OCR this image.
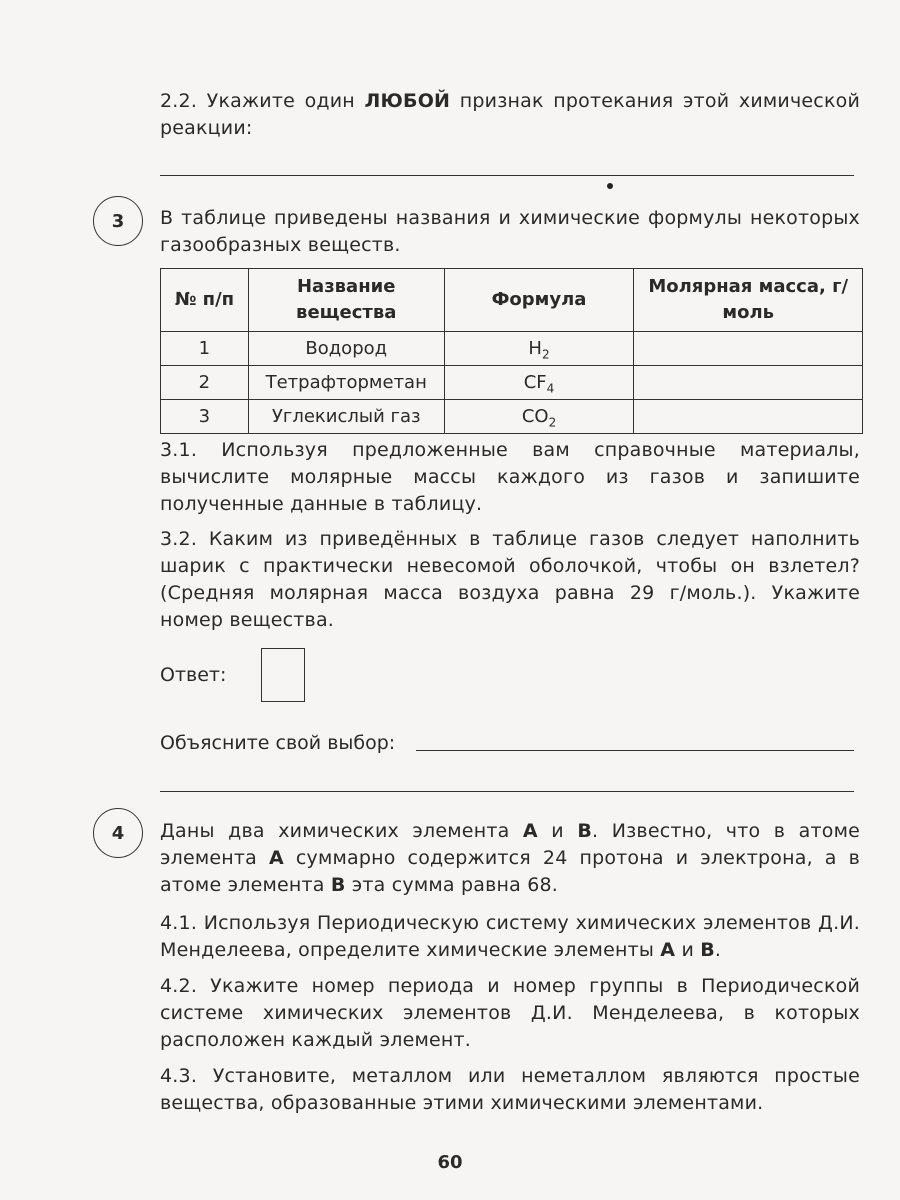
2.2. Укажите один ЛЮБОЙ признак протекания этой химической реакции:

3 В таблице приведены названия и химические формулы некоторых газообразных веществ.

№ п/п	Название вещества	Формула	Молярная масса, г/моль
1	Водород	$H_2$	
2	Тетрафторметан	$CF_4$	
3	Углекислый газ	$CO_2$	

3.1. Используя предложенные вам справочные материалы, вычислите молярные массы каждого из газов и запишите полученные данные в таблицу.

3.2. Каким из приведённых в таблице газов следует наполнить шарик с практически невесомой оболочкой, чтобы он взлетел? (Средняя молярная масса воздуха равна 29 г/моль.). Укажите номер вещества.

Ответ:
Объясните свой выбор:
4 Даны два химических элемента А и В. Известно, что в атоме элемента А суммарно содержится 24 протона и электрона, а в атоме элемента В эта сумма равна 68.

4.1. Используя Периодическую систему химических элементов Д.И. Менделеева, определите химические элементы А и В.

4.2. Укажите номер периода и номер группы в Периодической системе химических элементов Д.И. Менделеева, в которых расположен каждый элемент.

4.3. Установите, металлом или неметаллом являются простые вещества, образованные этими химическими элементами.

60
